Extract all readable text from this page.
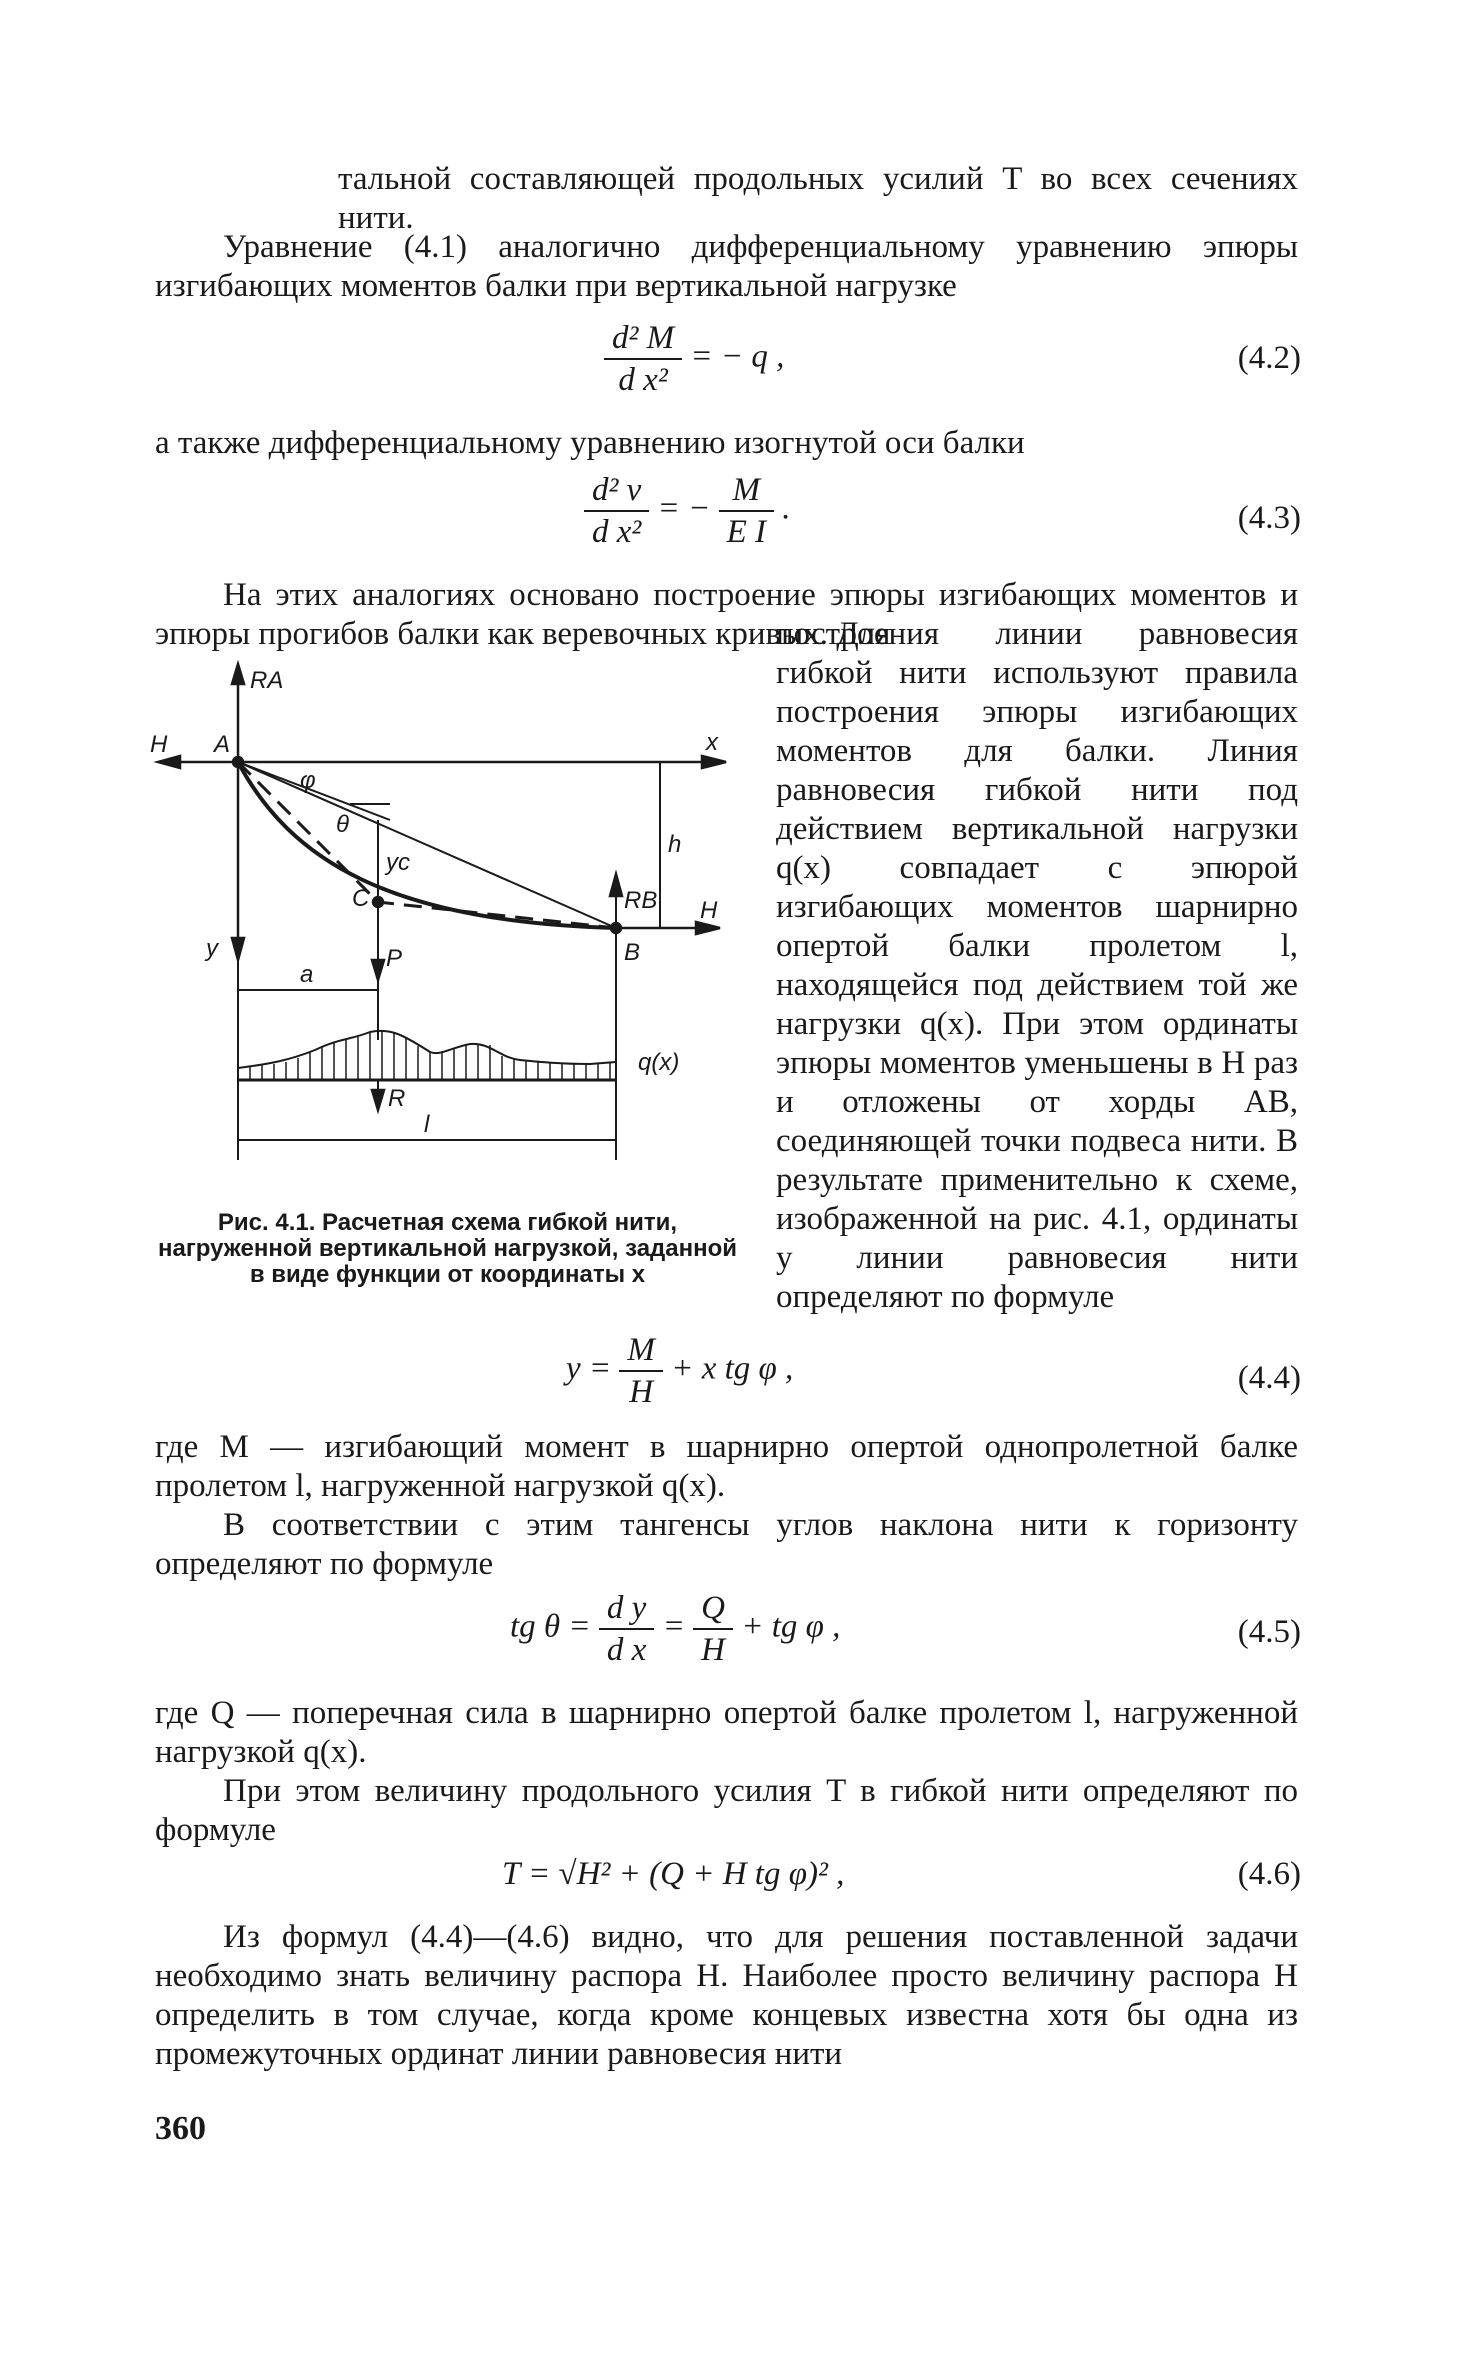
тальной составляющей продольных усилий T во всех сечениях нити.
Уравнение (4.1) аналогично дифференциальному уравнению эпюры изгибающих моментов балки при вертикальной нагрузке
$\frac{\text{d² M}}{\text{d x²}}$ = − q ,	(4.2)
а также дифференциальному уравнению изогнутой оси балки
$\frac{\text{d² v}}{\text{d x²}}$ = − $\frac{M}{\text{E I}}$ .	(4.3)
На этих аналогиях основано построение эпюры изгибающих моментов и эпюры прогибов балки как веревочных кривых. Для
RA
H A	x
φ
θ
yc
h
RB H
C
y	P	B
a
q(x)
R
l
Рис. 4.1. Расчетная схема гибкой нити, нагруженной вертикальной нагрузкой, заданной в виде функции от координаты x
построения линии равновесия гибкой нити используют правила построения эпюры изгибающих моментов для балки. Линия равновесия гибкой нити под действием вертикальной нагрузки q(x) совпадает с эпюрой изгибающих моментов шарнирно опертой балки пролетом l, находящейся под действием той же нагрузки q(x). При этом ординаты эпюры моментов уменьшены в H раз и отложены от хорды AB, соединяющей точки подвеса нити. В результате применительно к схеме, изображенной на рис. 4.1, ординаты y линии равновесия нити определяют по формуле
$y = \frac{M}{H} + x$ tg φ ,	(4.4)
где M — изгибающий момент в шарнирно опертой однопролетной балке пролетом l, нагруженной нагрузкой q(x).
В соответствии с этим тангенсы углов наклона нити к горизонту определяют по формуле
tg $\theta = \frac{\text{d y}}{\text{d x}} = \frac{Q}{H}$ + tg φ ,	(4.5)
где Q — поперечная сила в шарнирно опертой балке пролетом l, нагруженной нагрузкой q(x).
При этом величину продольного усилия T в гибкой нити определяют по формуле
T = √H² + (Q + H tg φ)² ,	(4.6)
Из формул (4.4)—(4.6) видно, что для решения поставленной задачи необходимо знать величину распора H. Наиболее просто величину распора H определить в том случае, когда кроме концевых известна хотя бы одна из промежуточных ординат линии равновесия нити
360
